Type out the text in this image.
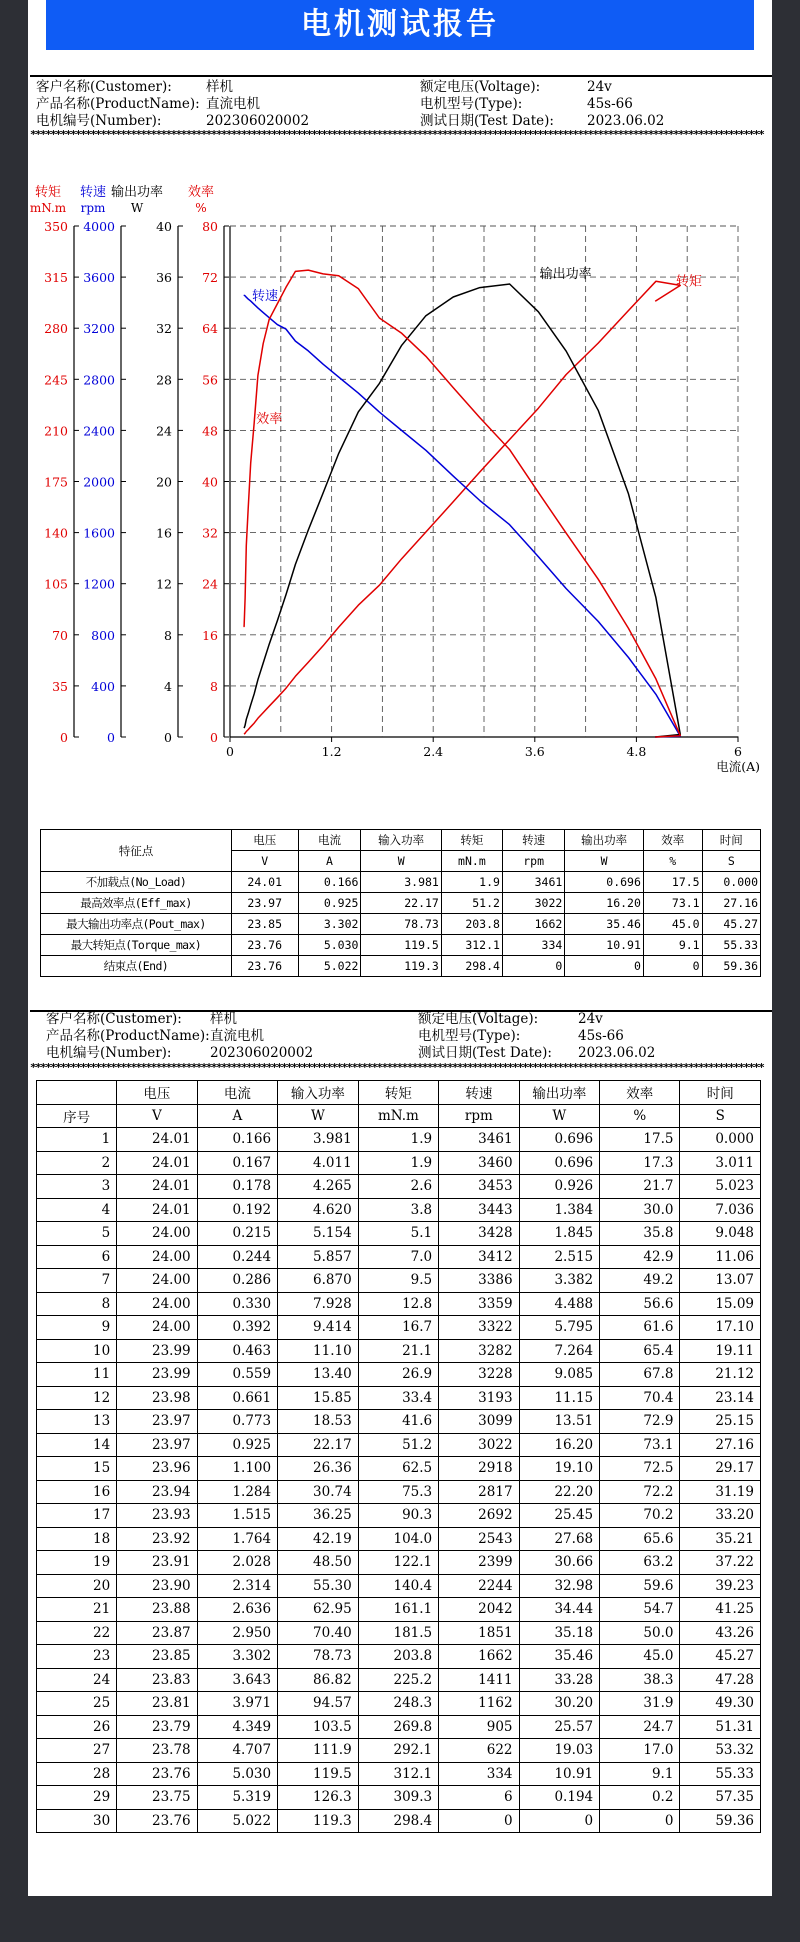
电机测试报告
客户名称(Customer):	样机
产品名称(ProductName): 直流电机
电机编号(Number):	202306020002
额定电压(Voltage):	24v
电机型号(Type):	45s-66
测试日期(Test Date): 2023.06.02
**************************************************************************************************************************************************
转矩
mN.m
350
315
280
245
210
175
140
105
70
35
0
转速
rpm
4000
3600
3200
2800
2400
2000
1600
1200
800
400
0
输出功率
W
40
36
32
28
24
20
16
12
8
4
0
效率
%
80
72
64
56
48
40
32
24
16
8
0
0	1.2	2.4	3.6	4.8	6
电流(A)
转矩
转速
输出功率
效率
特征点	电压	电流	输入功率	转矩	转速	输出功率	效率	时间
	V	A	W	mN.m	rpm	W	%	S
不加载点(No_Load)	24.01	0.166	3.981	1.9	3461	0.696	17.5	0.000
最高效率点(Eff_max)	23.97	0.925	22.17	51.2	3022	16.20	73.1	27.16
最大输出功率点(Pout_max)	23.85	3.302	78.73	203.8	1662	35.46	45.0	45.27
最大转矩点(Torque_max)	23.76	5.030	119.5	312.1	334	10.91	9.1	55.33
结束点(End)	23.76	5.022	119.3	298.4	0	0	0	59.36
客户名称(Customer): 样机
产品名称(ProductName): 直流电机
电机编号(Number):	202306020002
额定电压(Voltage):	24v
电机型号(Type):	45s-66
测试日期(Test Date): 2023.06.02
**************************************************************************************************************************************************
	电压	电流	输入功率	转矩	转速	输出功率	效率	时间
序号	V	A	W	mN.m	rpm	W	%	S
1	24.01	0.166	3.981	1.9	3461	0.696	17.5	0.000
2	24.01	0.167	4.011	1.9	3460	0.696	17.3	3.011
3	24.01	0.178	4.265	2.6	3453	0.926	21.7	5.023
4	24.01	0.192	4.620	3.8	3443	1.384	30.0	7.036
5	24.00	0.215	5.154	5.1	3428	1.845	35.8	9.048
6	24.00	0.244	5.857	7.0	3412	2.515	42.9	11.06
7	24.00	0.286	6.870	9.5	3386	3.382	49.2	13.07
8	24.00	0.330	7.928	12.8	3359	4.488	56.6	15.09
9	24.00	0.392	9.414	16.7	3322	5.795	61.6	17.10
10	23.99	0.463	11.10	21.1	3282	7.264	65.4	19.11
11	23.99	0.559	13.40	26.9	3228	9.085	67.8	21.12
12	23.98	0.661	15.85	33.4	3193	11.15	70.4	23.14
13	23.97	0.773	18.53	41.6	3099	13.51	72.9	25.15
14	23.97	0.925	22.17	51.2	3022	16.20	73.1	27.16
15	23.96	1.100	26.36	62.5	2918	19.10	72.5	29.17
16	23.94	1.284	30.74	75.3	2817	22.20	72.2	31.19
17	23.93	1.515	36.25	90.3	2692	25.45	70.2	33.20
18	23.92	1.764	42.19	104.0	2543	27.68	65.6	35.21
19	23.91	2.028	48.50	122.1	2399	30.66	63.2	37.22
20	23.90	2.314	55.30	140.4	2244	32.98	59.6	39.23
21	23.88	2.636	62.95	161.1	2042	34.44	54.7	41.25
22	23.87	2.950	70.40	181.5	1851	35.18	50.0	43.26
23	23.85	3.302	78.73	203.8	1662	35.46	45.0	45.27
24	23.83	3.643	86.82	225.2	1411	33.28	38.3	47.28
25	23.81	3.971	94.57	248.3	1162	30.20	31.9	49.30
26	23.79	4.349	103.5	269.8	905	25.57	24.7	51.31
27	23.78	4.707	111.9	292.1	622	19.03	17.0	53.32
28	23.76	5.030	119.5	312.1	334	10.91	9.1	55.33
29	23.75	5.319	126.3	309.3	6	0.194	0.2	57.35
30	23.76	5.022	119.3	298.4	0	0	0	59.36
